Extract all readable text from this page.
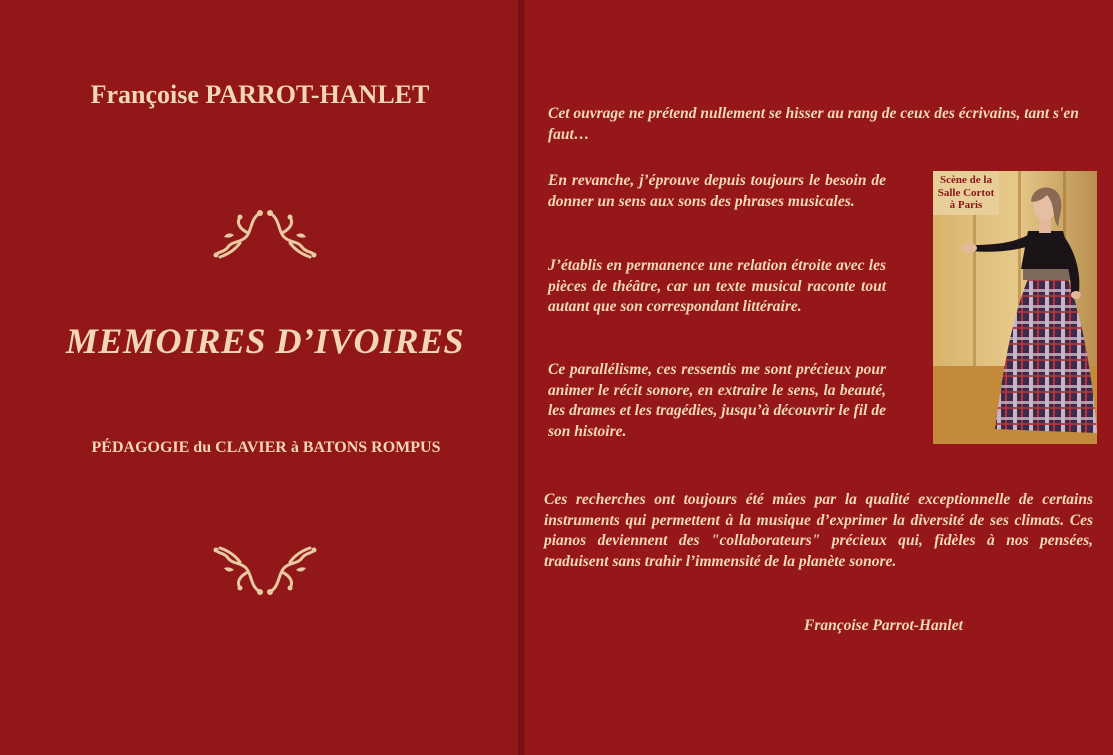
Françoise PARROT-HANLET
MEMOIRES D’IVOIRES
PÉDAGOGIE du CLAVIER à BATONS ROMPUS

Cet ouvrage ne prétend nullement se hisser au rang de ceux des écrivains, tant s'en faut…

En revanche, j’éprouve depuis toujours le besoin de donner un sens aux sons des phrases musicales.

J’établis en permanence une relation étroite avec les pièces de théâtre, car un texte musical raconte tout autant que son correspondant littéraire.

Ce parallélisme, ces ressentis me sont précieux pour animer le récit sonore, en extraire le sens, la beauté, les drames et les tragédies, jusqu’à découvrir le fil de son histoire.

Ces recherches ont toujours été mûes par la qualité exceptionnelle de certains instruments qui permettent à la musique d’exprimer la diversité de ses climats. Ces pianos deviennent des "collaborateurs" précieux qui, fidèles à nos pensées, traduisent sans trahir l’immensité de la planète sonore.

Françoise Parrot-Hanlet
Scène de la
Salle Cortot
à Paris
